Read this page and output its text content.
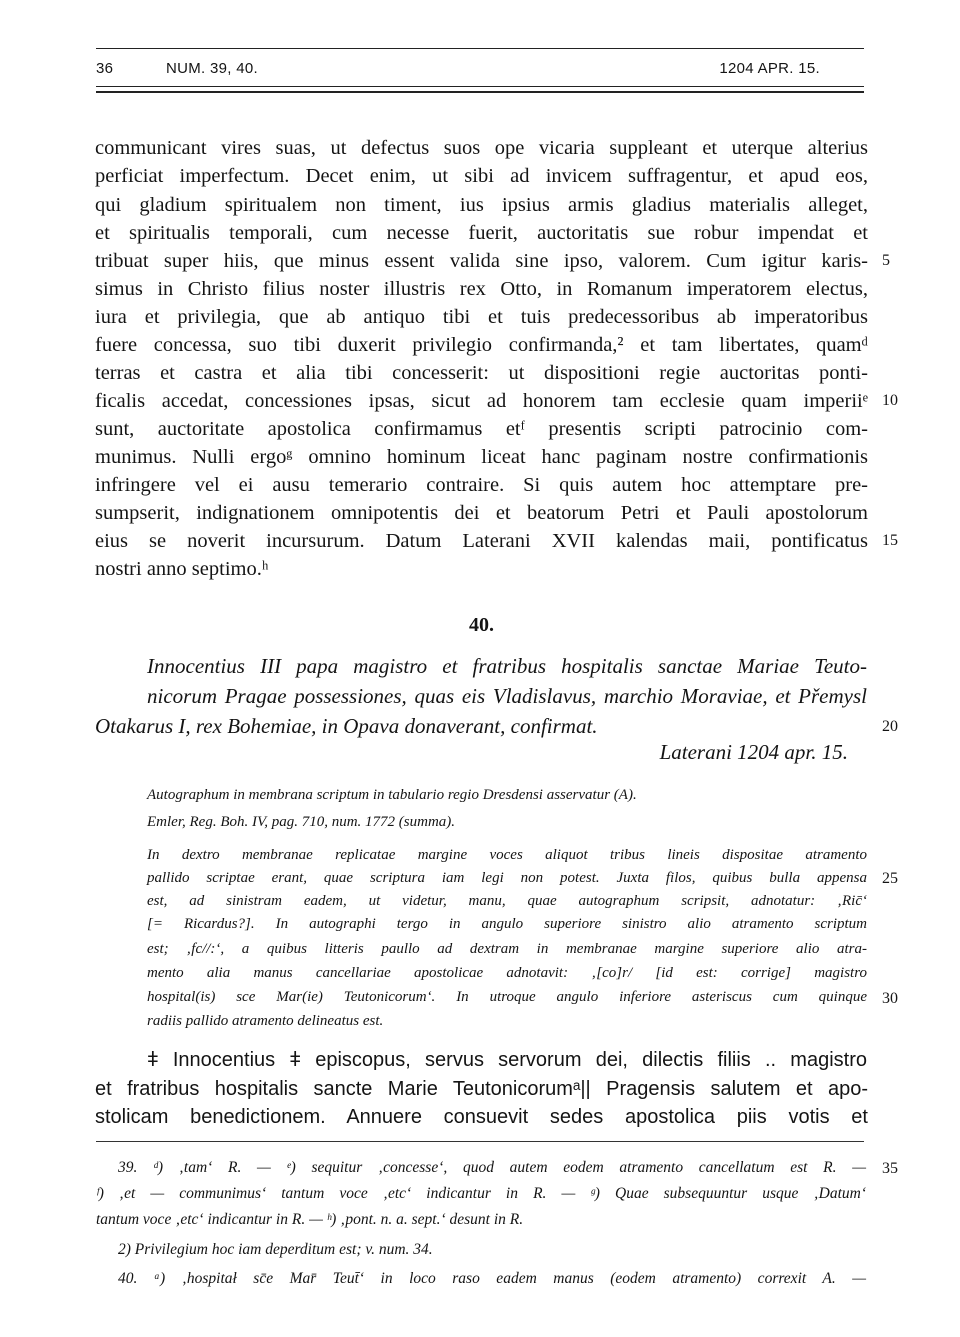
36	NUM. 39, 40.	1204 APR. 15.
communicant vires suas, ut defectus suos ope vicaria suppleant et uterque alterius
perficiat imperfectum. Decet enim, ut sibi ad invicem suffragentur, et apud eos,
qui gladium spiritualem non timent, ius ipsius armis gladius materialis alleget,
et spiritualis temporali, cum necesse fuerit, auctoritatis sue robur impendat et
tribuat super hiis, que minus essent valida sine ipso, valorem. Cum igitur karis-
simus in Christo filius noster illustris rex Otto, in Romanum imperatorem electus,
iura et privilegia, que ab antiquo tibi et tuis predecessoribus ab imperatoribus
fuere concessa, suo tibi duxerit privilegio confirmanda,² et tam libertates, quamᵈ
terras et castra et alia tibi concesserit: ut dispositioni regie auctoritas ponti-
ficalis accedat, concessiones ipsas, sicut ad honorem tam ecclesie quam imperiiᵉ
sunt, auctoritate apostolica confirmamus etᶠ presentis scripti patrocinio com-
munimus. Nulli ergoᵍ omnino hominum liceat hanc paginam nostre confirmationis
infringere vel ei ausu temerario contraire. Si quis autem hoc attemptare pre-
sumpserit, indignationem omnipotentis dei et beatorum Petri et Pauli apostolorum
eius se noverit incursurum. Datum Laterani XVII kalendas maii, pontificatus
nostri anno septimo.ʰ
5
10
15
40.
Innocentius III papa magistro et fratribus hospitalis sanctae Mariae Teuto-
nicorum Pragae possessiones, quas eis Vladislavus, marchio Moraviae, et Přemysl
Otakarus I, rex Bohemiae, in Opava donaverant, confirmat.	20
Laterani 1204 apr. 15.
Autographum in membrana scriptum in tabulario regio Dresdensi asservatur (A).
Emler, Reg. Boh. IV, pag. 710, num. 1772 (summa).
In dextro membranae replicatae margine voces aliquot tribus lineis dispositae atramento
pallido scriptae erant, quae scriptura iam legi non potest. Juxta filos, quibus bulla appensa
est, ad sinistram eadem, ut videtur, manu, quae autographum scripsit, adnotatur: ‚Ric̄‘
[= Ricardus?]. In autographi tergo in angulo superiore sinistro alio atramento scriptum
est; ‚fc//:‘, a quibus litteris paullo ad dextram in membranae margine superiore alio atra-
mento alia manus cancellariae apostolicae adnotavit: ‚[co]r/ [id est: corrige] magistro
hospital(is) sce Mar(ie) Teutonicorum‘. In utroque angulo inferiore asteriscus cum quinque
radiis pallido atramento delineatus est.
25
30
ǂ Innocentius ǂ episcopus, servus servorum dei, dilectis filiis .. magistro
et fratribus hospitalis sancte Marie Teutonicorumᵃ|| Pragensis salutem et apo-
stolicam benedictionem. Annuere consuevit sedes apostolica piis votis et
39. ᵈ) ‚tam‘ R. — ᵉ) sequitur ‚concesse‘, quod autem eodem atramento cancellatum est R. —
ᶠ) ‚et — communimus‘ tantum voce ‚etc‘ indicantur in R. — ᵍ) Quae subsequuntur usque ‚Datum‘
tantum voce ‚etc‘ indicantur in R. — ʰ) ‚pont. n. a. sept.‘ desunt in R.
2) Privilegium hoc iam deperditum est; v. num. 34.
40. ᵃ) ‚hospitał sc̄e Mar̄ Teut̄‘ in loco raso eadem manus (eodem atramento) correxit A. —
35
